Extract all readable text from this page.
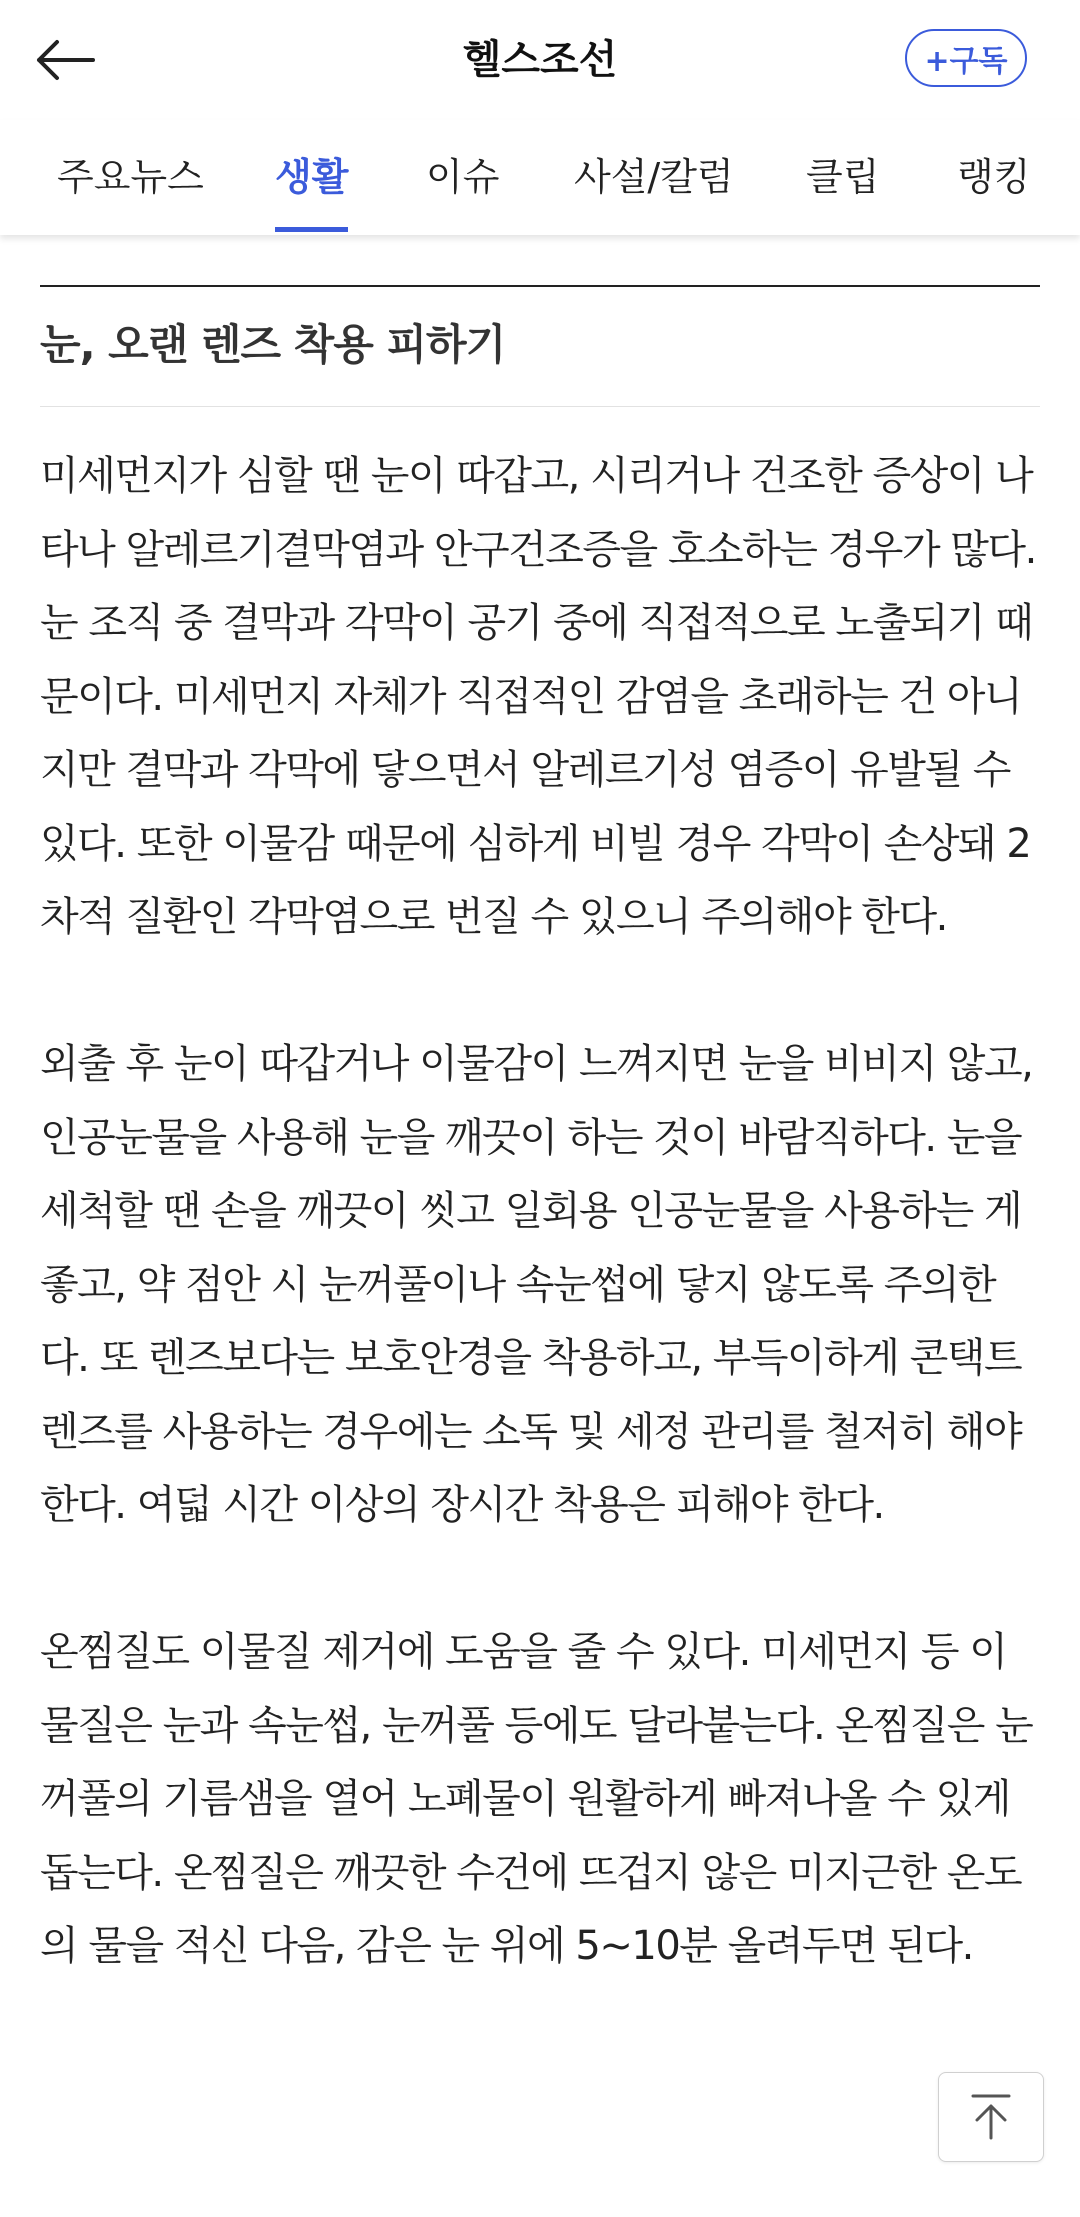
헬스조선	+구독
주요뉴스 생활 이슈 사설/칼럼 클립 랭킹
눈, 오랜 렌즈 착용 피하기

미세먼지가 심할 땐 눈이 따갑고, 시리거나 건조한 증상이 나타나 알레르기결막염과 안구건조증을 호소하는 경우가 많다. 눈 조직 중 결막과 각막이 공기 중에 직접적으로 노출되기 때문이다. 미세먼지 자체가 직접적인 감염을 초래하는 건 아니지만 결막과 각막에 닿으면서 알레르기성 염증이 유발될 수 있다. 또한 이물감 때문에 심하게 비빌 경우 각막이 손상돼 2차적 질환인 각막염으로 번질 수 있으니 주의해야 한다.

외출 후 눈이 따갑거나 이물감이 느껴지면 눈을 비비지 않고, 인공눈물을 사용해 눈을 깨끗이 하는 것이 바람직하다. 눈을 세척할 땐 손을 깨끗이 씻고 일회용 인공눈물을 사용하는 게 좋고, 약 점안 시 눈꺼풀이나 속눈썹에 닿지 않도록 주의한다. 또 렌즈보다는 보호안경을 착용하고, 부득이하게 콘택트렌즈를 사용하는 경우에는 소독 및 세정 관리를 철저히 해야 한다. 여덟 시간 이상의 장시간 착용은 피해야 한다.

온찜질도 이물질 제거에 도움을 줄 수 있다. 미세먼지 등 이물질은 눈과 속눈썹, 눈꺼풀 등에도 달라붙는다. 온찜질은 눈꺼풀의 기름샘을 열어 노폐물이 원활하게 빠져나올 수 있게 돕는다. 온찜질은 깨끗한 수건에 뜨겁지 않은 미지근한 온도의 물을 적신 다음, 감은 눈 위에 5~10분 올려두면 된다.
